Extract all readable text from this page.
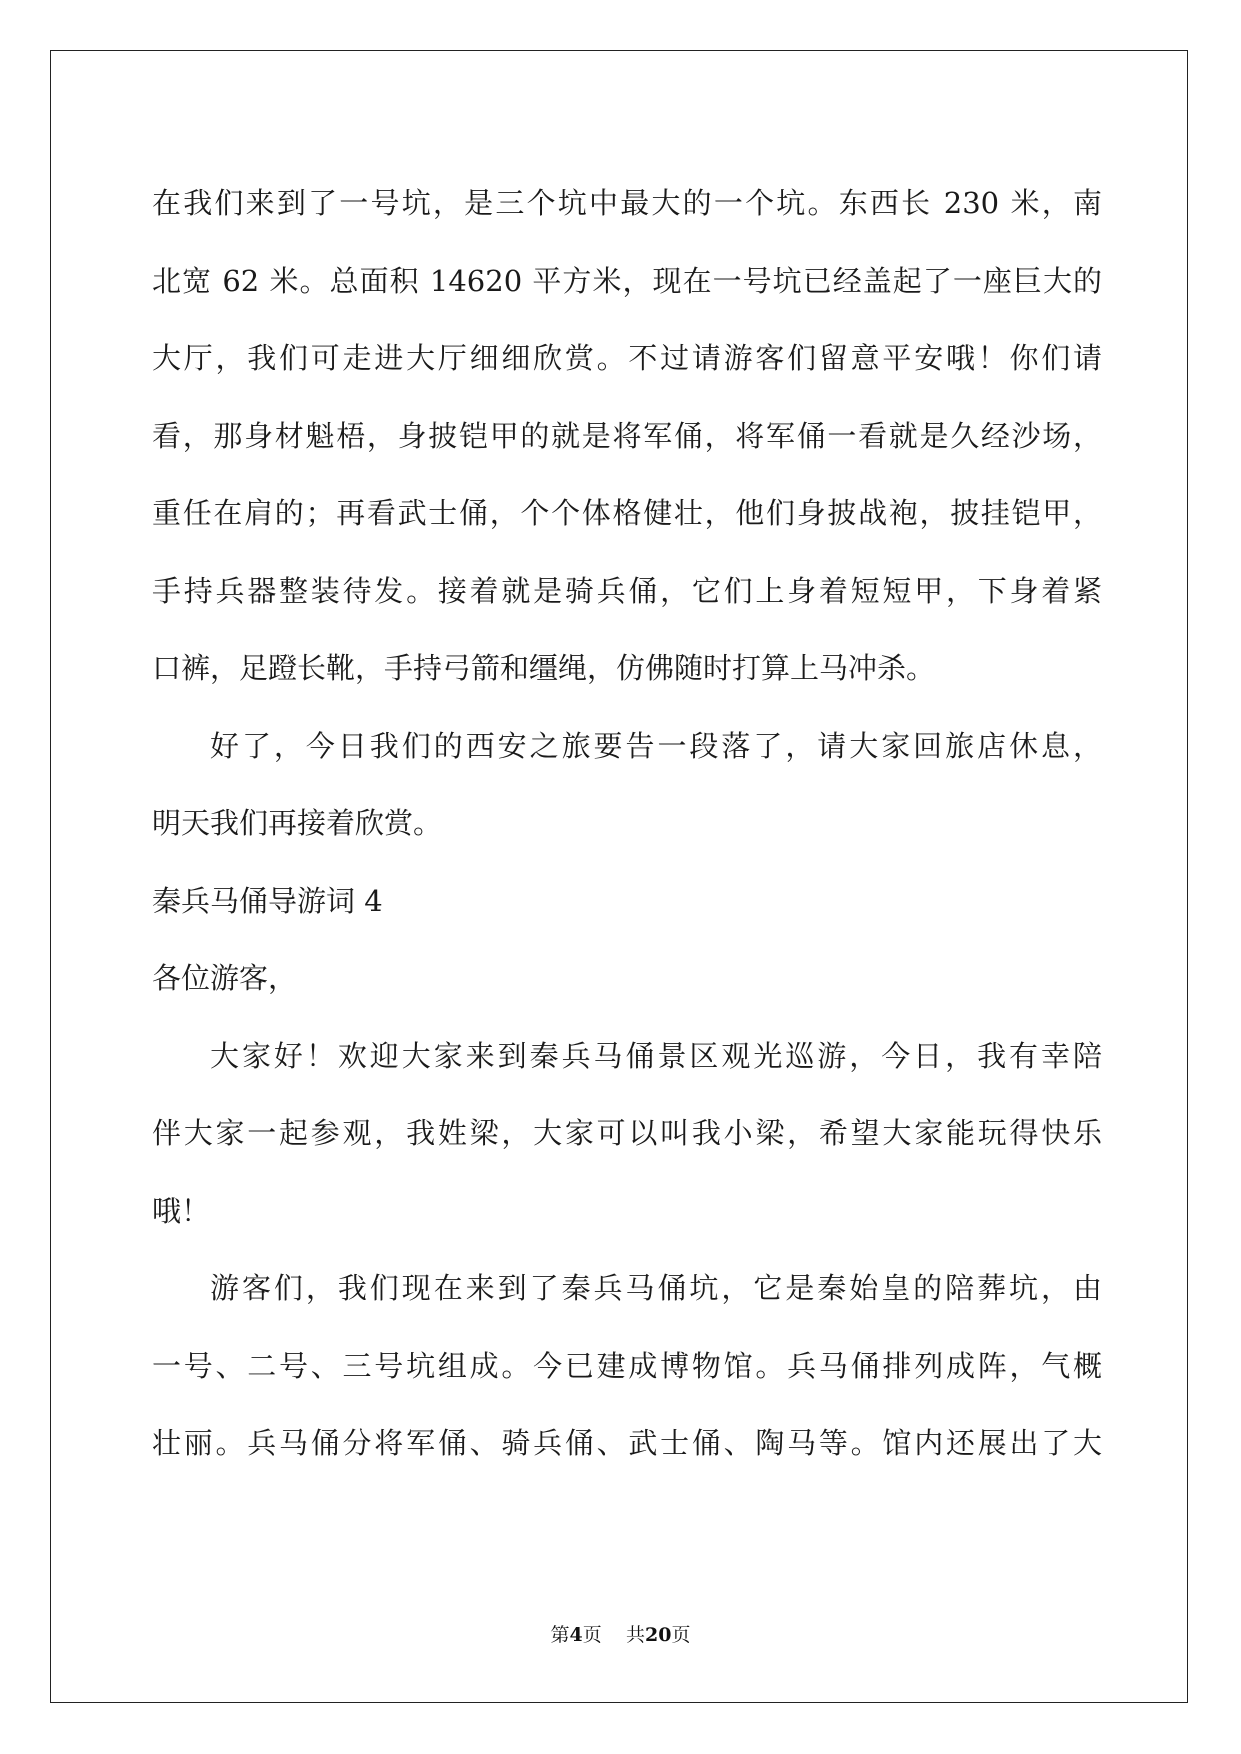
在我们来到了一号坑，是三个坑中最大的一个坑。东西长 230 米，南
北宽 62 米。总面积 14620 平方米，现在一号坑已经盖起了一座巨大的
大厅，我们可走进大厅细细欣赏。不过请游客们留意平安哦！你们请
看，那身材魁梧，身披铠甲的就是将军俑，将军俑一看就是久经沙场，
重任在肩的；再看武士俑，个个体格健壮，他们身披战袍，披挂铠甲，
手持兵器整装待发。接着就是骑兵俑，它们上身着短短甲，下身着紧
口裤，足蹬长靴，手持弓箭和缰绳，仿佛随时打算上马冲杀。
好了，今日我们的西安之旅要告一段落了，请大家回旅店休息，
明天我们再接着欣赏。
秦兵马俑导游词 4
各位游客，
大家好！欢迎大家来到秦兵马俑景区观光巡游，今日，我有幸陪
伴大家一起参观，我姓梁，大家可以叫我小梁，希望大家能玩得快乐
哦！
游客们，我们现在来到了秦兵马俑坑，它是秦始皇的陪葬坑，由
一号、二号、三号坑组成。今已建成博物馆。兵马俑排列成阵，气概
壮丽。兵马俑分将军俑、骑兵俑、武士俑、陶马等。馆内还展出了大
第4页 共20页
